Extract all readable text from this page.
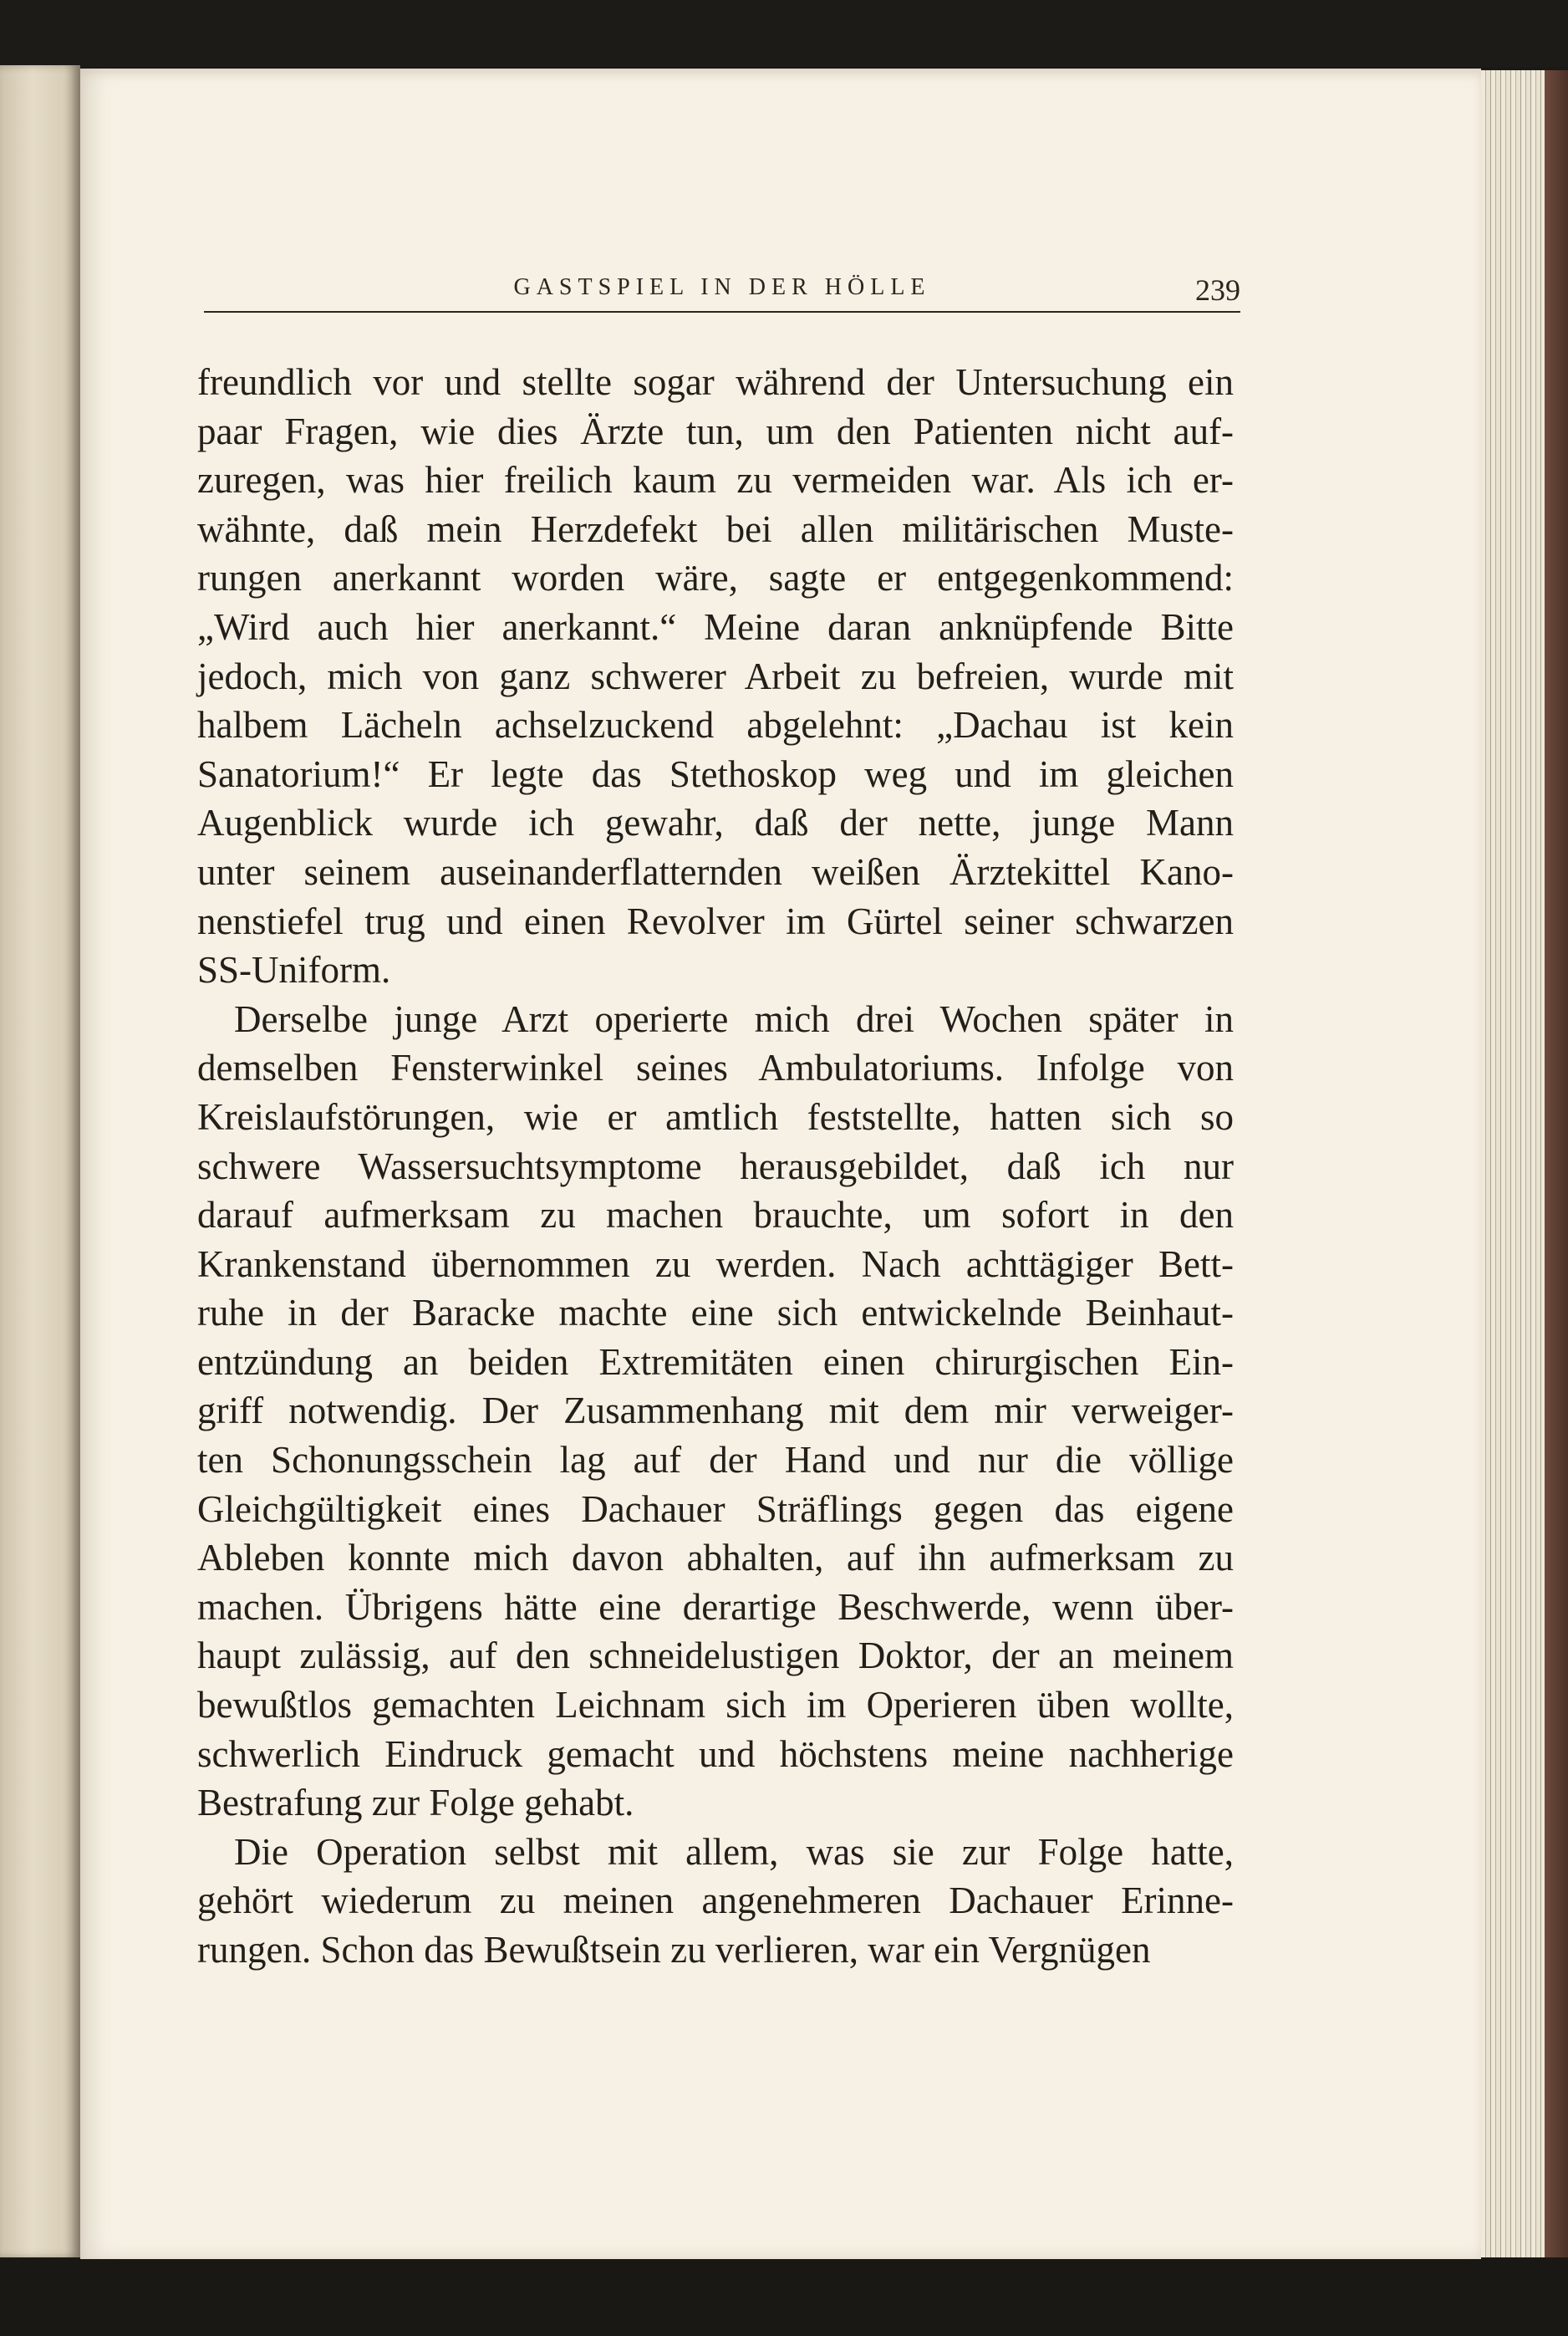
GASTSPIEL IN DER HÖLLE	239

freundlich vor und stellte sogar während der Untersuchung ein
paar Fragen, wie dies Ärzte tun, um den Patienten nicht auf-
zuregen, was hier freilich kaum zu vermeiden war. Als ich er-
wähnte, daß mein Herzdefekt bei allen militärischen Muste-
rungen anerkannt worden wäre, sagte er entgegenkommend:
„Wird auch hier anerkannt.“ Meine daran anknüpfende Bitte
jedoch, mich von ganz schwerer Arbeit zu befreien, wurde mit
halbem Lächeln achselzuckend abgelehnt: „Dachau ist kein
Sanatorium!“ Er legte das Stethoskop weg und im gleichen
Augenblick wurde ich gewahr, daß der nette, junge Mann
unter seinem auseinanderflatternden weißen Ärztekittel Kano-
nenstiefel trug und einen Revolver im Gürtel seiner schwarzen
SS-Uniform.

Derselbe junge Arzt operierte mich drei Wochen später in
demselben Fensterwinkel seines Ambulatoriums. Infolge von
Kreislaufstörungen, wie er amtlich feststellte, hatten sich so
schwere Wassersuchtsymptome herausgebildet, daß ich nur
darauf aufmerksam zu machen brauchte, um sofort in den
Krankenstand übernommen zu werden. Nach achttägiger Bett-
ruhe in der Baracke machte eine sich entwickelnde Beinhaut-
entzündung an beiden Extremitäten einen chirurgischen Ein-
griff notwendig. Der Zusammenhang mit dem mir verweiger-
ten Schonungsschein lag auf der Hand und nur die völlige
Gleichgültigkeit eines Dachauer Sträflings gegen das eigene
Ableben konnte mich davon abhalten, auf ihn aufmerksam zu
machen. Übrigens hätte eine derartige Beschwerde, wenn über-
haupt zulässig, auf den schneidelustigen Doktor, der an meinem
bewußtlos gemachten Leichnam sich im Operieren üben wollte,
schwerlich Eindruck gemacht und höchstens meine nachherige
Bestrafung zur Folge gehabt.

Die Operation selbst mit allem, was sie zur Folge hatte,
gehört wiederum zu meinen angenehmeren Dachauer Erinne-
rungen. Schon das Bewußtsein zu verlieren, war ein Vergnügen
